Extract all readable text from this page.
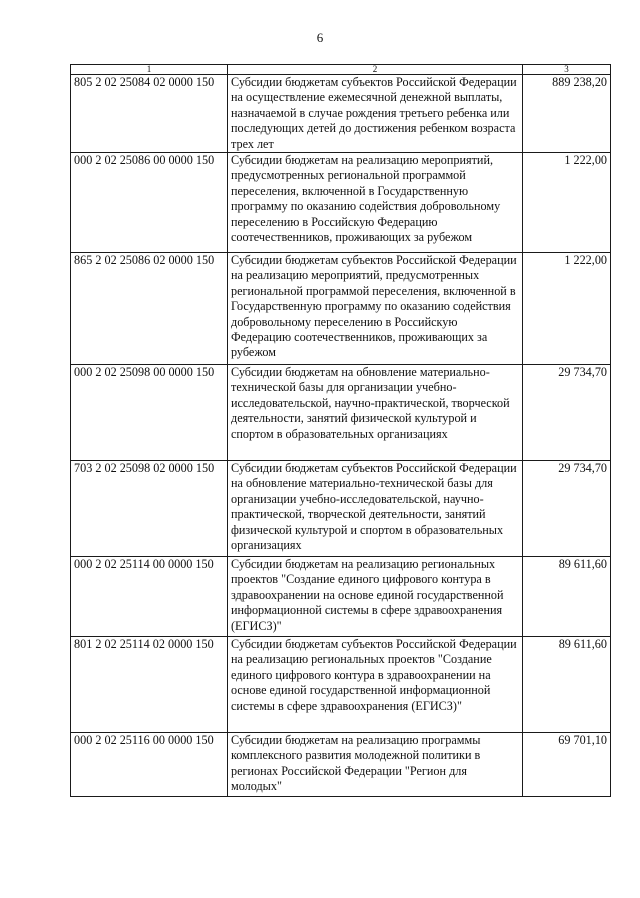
6
1	2	3
805 2 02 25084 02 0000 150	Субсидии бюджетам субъектов Российской Федерации на осуществление ежемесячной денежной выплаты, назначаемой в случае рождения третьего ребенка или последующих детей до достижения ребенком возраста трех лет	889 238,20
000 2 02 25086 00 0000 150	Субсидии бюджетам на реализацию мероприятий, предусмотренных региональной программой переселения, включенной в Государственную программу по оказанию содействия добровольному переселению в Российскую Федерацию соотечественников, проживающих за рубежом	1 222,00
865 2 02 25086 02 0000 150	Субсидии бюджетам субъектов Российской Федерации на реализацию мероприятий, предусмотренных региональной программой переселения, включенной в Государственную программу по оказанию содействия добровольному переселению в Российскую Федерацию соотечественников, проживающих за рубежом	1 222,00
000 2 02 25098 00 0000 150	Субсидии бюджетам на обновление материально-технической базы для организации учебно-исследовательской, научно-практической, творческой деятельности, занятий физической культурой и спортом в образовательных организациях	29 734,70
703 2 02 25098 02 0000 150	Субсидии бюджетам субъектов Российской Федерации на обновление материально-технической базы для организации учебно-исследовательской, научно-практической, творческой деятельности, занятий физической культурой и спортом в образовательных организациях	29 734,70
000 2 02 25114 00 0000 150	Субсидии бюджетам на реализацию региональных проектов "Создание единого цифрового контура в здравоохранении на основе единой государственной информационной системы в сфере здравоохранения (ЕГИСЗ)"	89 611,60
801 2 02 25114 02 0000 150	Субсидии бюджетам субъектов Российской Федерации на реализацию региональных проектов "Создание единого цифрового контура в здравоохранении на основе единой государственной информационной системы в сфере здравоохранения (ЕГИСЗ)"	89 611,60
000 2 02 25116 00 0000 150	Субсидии бюджетам на реализацию программы комплексного развития молодежной политики в регионах Российской Федерации "Регион для молодых"	69 701,10
